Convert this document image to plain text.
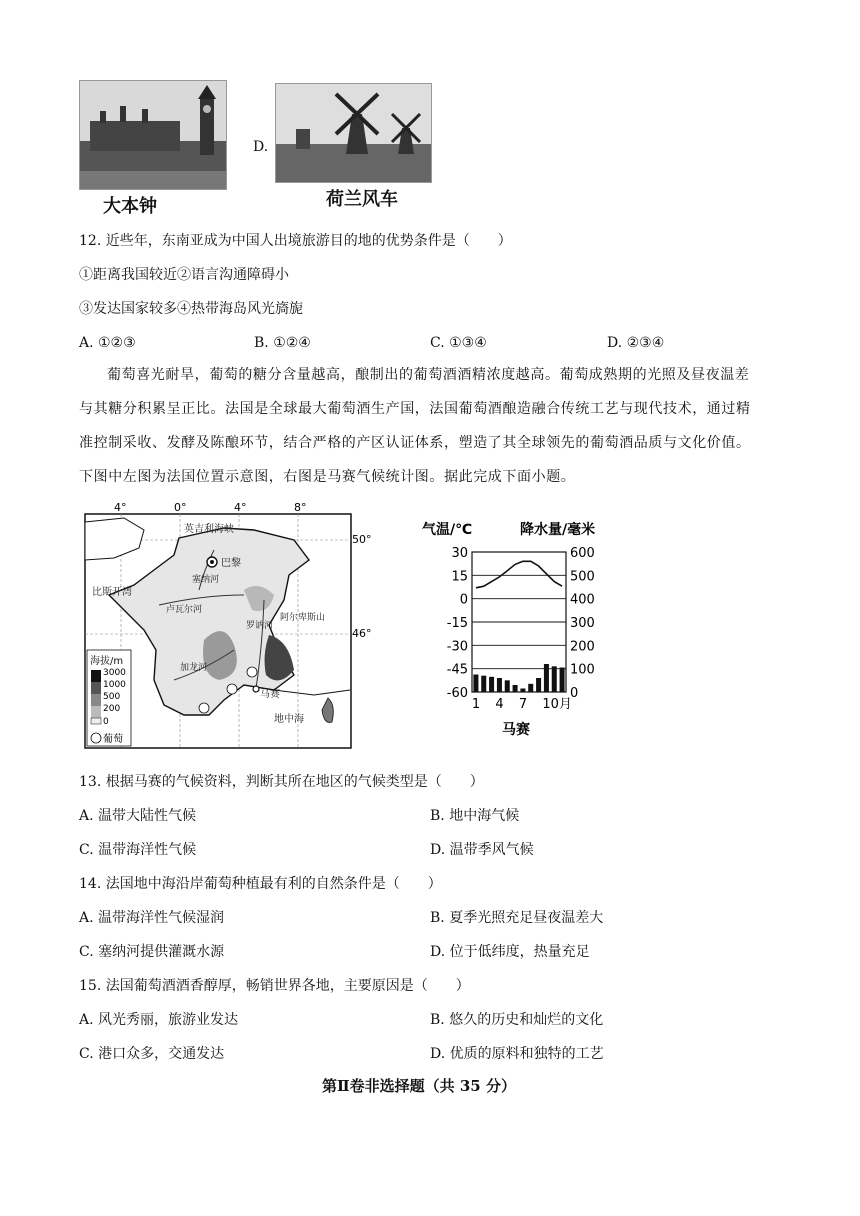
大本钟
D.
荷兰风车
12. 近些年，东南亚成为中国人出境旅游目的地的优势条件是（　　）
①距离我国较近②语言沟通障碍小
③发达国家较多④热带海岛风光旖旎
A. ①②③	B. ①②④	C. ①③④	D. ②③④
葡萄喜光耐旱，葡萄的糖分含量越高，酿制出的葡萄酒酒精浓度越高。葡萄成熟期的光照及昼夜温差
与其糖分积累呈正比。法国是全球最大葡萄酒生产国，法国葡萄酒酿造融合传统工艺与现代技术，通过精
准控制采收、发酵及陈酿环节，结合严格的产区认证体系，塑造了其全球领先的葡萄酒品质与文化价值。
下图中左图为法国位置示意图，右图是马赛气候统计图。据此完成下面小题。
4°	0°	4°	8°
50°
46°
英吉利海峡
巴黎
比斯开湾
塞纳河
卢瓦尔河
加龙河
罗讷河
阿尔卑斯山
马赛
地中海
海拔/m
3000
1000
500
200
0
葡萄
气温/℃	降水量/毫米
30
15
0
-15
-30
-45
-60
600
500
400
300
200
100
0
1 4 7 10月
马赛
13. 根据马赛的气候资料，判断其所在地区的气候类型是（　　）
A. 温带大陆性气候	B. 地中海气候
C. 温带海洋性气候	D. 温带季风气候
14. 法国地中海沿岸葡萄种植最有利的自然条件是（　　）
A. 温带海洋性气候湿润	B. 夏季光照充足昼夜温差大
C. 塞纳河提供灌溉水源	D. 位于低纬度，热量充足
15. 法国葡萄酒酒香醇厚，畅销世界各地，主要原因是（　　）
A. 风光秀丽，旅游业发达	B. 悠久的历史和灿烂的文化
C. 港口众多，交通发达	D. 优质的原料和独特的工艺
第Ⅱ卷非选择题（共 35 分）
